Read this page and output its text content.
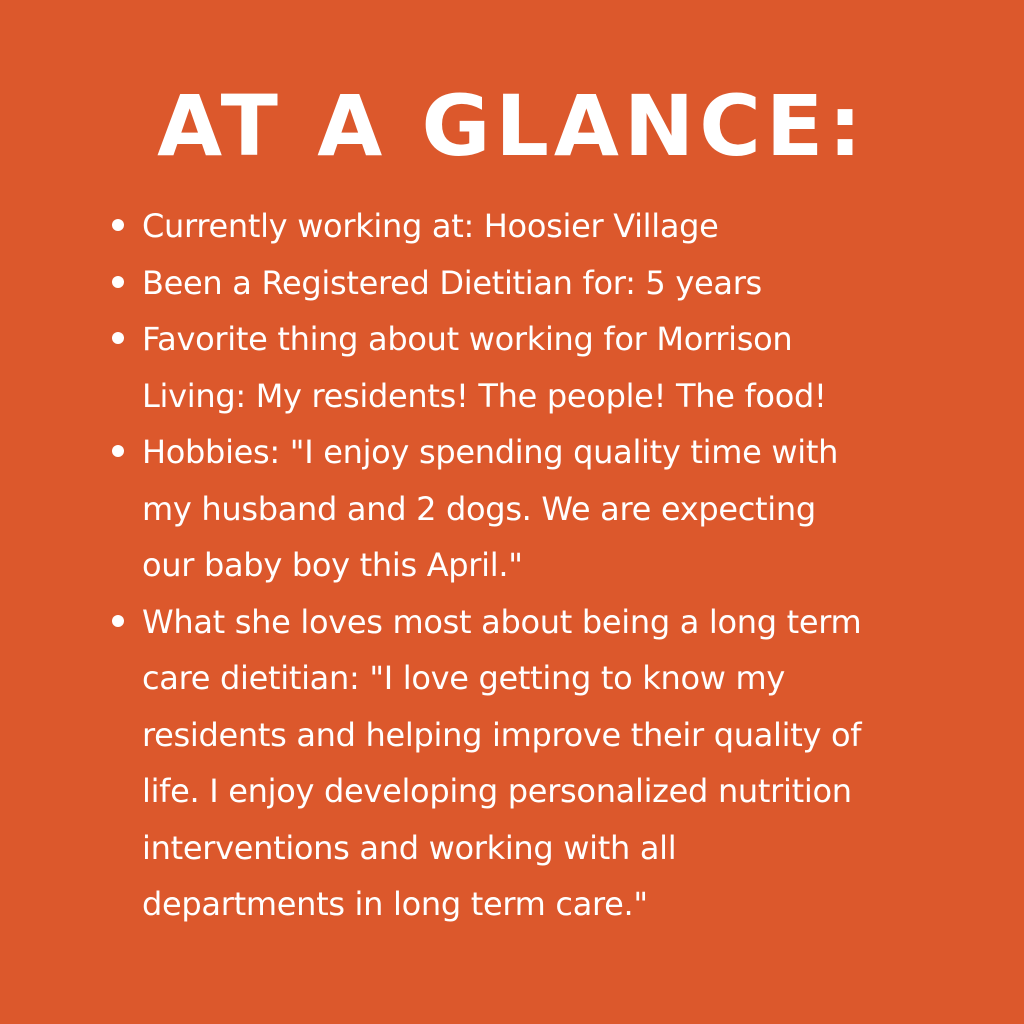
AT A GLANCE:
Currently working at: Hoosier Village
Been a Registered Dietitian for: 5 years
Favorite thing about working for Morrison
Living: My residents! The people! The food!
Hobbies: "I enjoy spending quality time with
my husband and 2 dogs. We are expecting
our baby boy this April."
What she loves most about being a long term
care dietitian: "I love getting to know my
residents and helping improve their quality of
life. I enjoy developing personalized nutrition
interventions and working with all
departments in long term care."
